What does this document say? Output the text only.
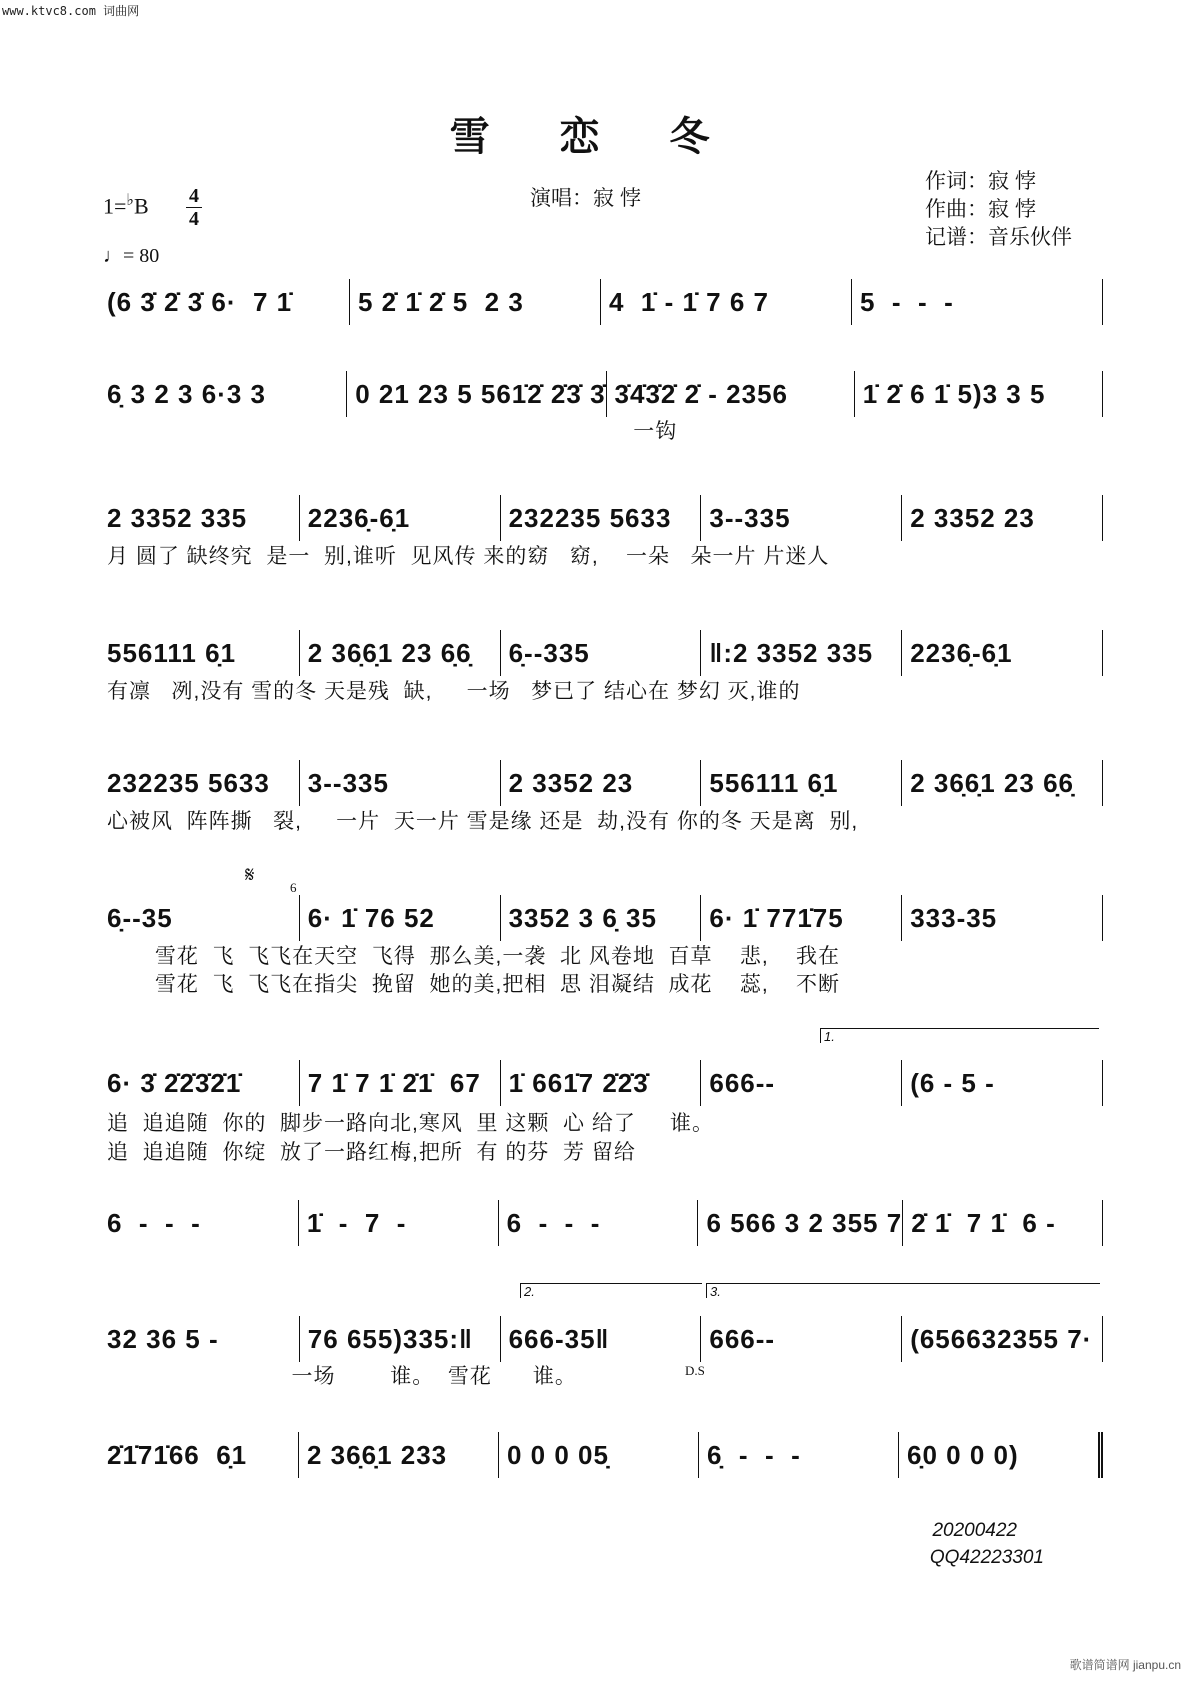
www.ktvc8.com 词曲网
雪 恋 冬
演唱：寂 悖
作词：寂 悖
作曲：寂 悖
记谱：音乐伙伴
1=♭B 4
4
♩= 80
(6 3̇ 2̇ 3̇ 6·  7 1̇	5 2̇ 1̇ 2̇ 5  2 3	4  1̇ - 1̇ 7 6 7	5  -  -  -
6̣ 3 2 3 6·3 3	0 21 23 5 561̇2̇ 2̇3̇ 3̇ 3̇4̇3̇2̇ 2̇ - 2356	1̇ 2̇ 6 1̇ 5)3 3 5
一钩
2 3352 335	2236̣-6̣1	232235 5633	3--335	2 3352 23
月 圆了 缺终究  是一  别,谁听  见风传 来的窈   窈,    一朵   朵一片 片迷人
556111 6̣1	2 36̣6̣1 23 6̣6̣	6̣--335	‖:2 3352 335	2236̣-6̣1
有凛   冽,没有 雪的冬 天是残  缺,     一场   梦已了 结心在 梦幻 灭,谁的
232235 5633	3--335	2 3352 23	556111 6̣1	2 36̣6̣1 23 6̣6̣
心被风  阵阵撕   裂,     一片  天一片 雪是缘 还是  劫,没有 你的冬 天是离  别,
6̣--35	6· 1̇ 76 52	3352 3 6̣ 35	6· 1̇ 771̇75	333-35
雪花  飞  飞飞在天空  飞得  那么美,一袭  北 风卷地  百草    悲,    我在
雪花  飞  飞飞在指尖  挽留  她的美,把相  思 泪凝结  成花    蕊,    不断
6· 3̇ 2̇2̇3̇2̇1̇	7 1̇ 7 1̇ 2̇1̇  67	1̇ 661̇7 2̇2̇3̇	666--	(6 - 5 -
追  追追随  你的  脚步一路向北,寒风  里 这颗  心 给了     谁。
追  追追随  你绽  放了一路红梅,把所  有 的芬  芳 留给
6  -  -  -	1̇  -  7  -	6  -  -  -	6 566 3 2 355 7 2̇ 1̇  7 1̇  6 -
32 36 5 -	76 655)335:‖	666-35‖	666--	(656632355 7·
一场        谁。  雪花      谁。
2̇1̇71̇66  6̣1	2 36̣6̣1 233	0 0 0 05̣	6̣  -  -  -	6̣0 0 0 0)
𝄋
6
1.
2.	3.
D.S
20200422
QQ42223301
歌谱简谱网 jianpu.cn
